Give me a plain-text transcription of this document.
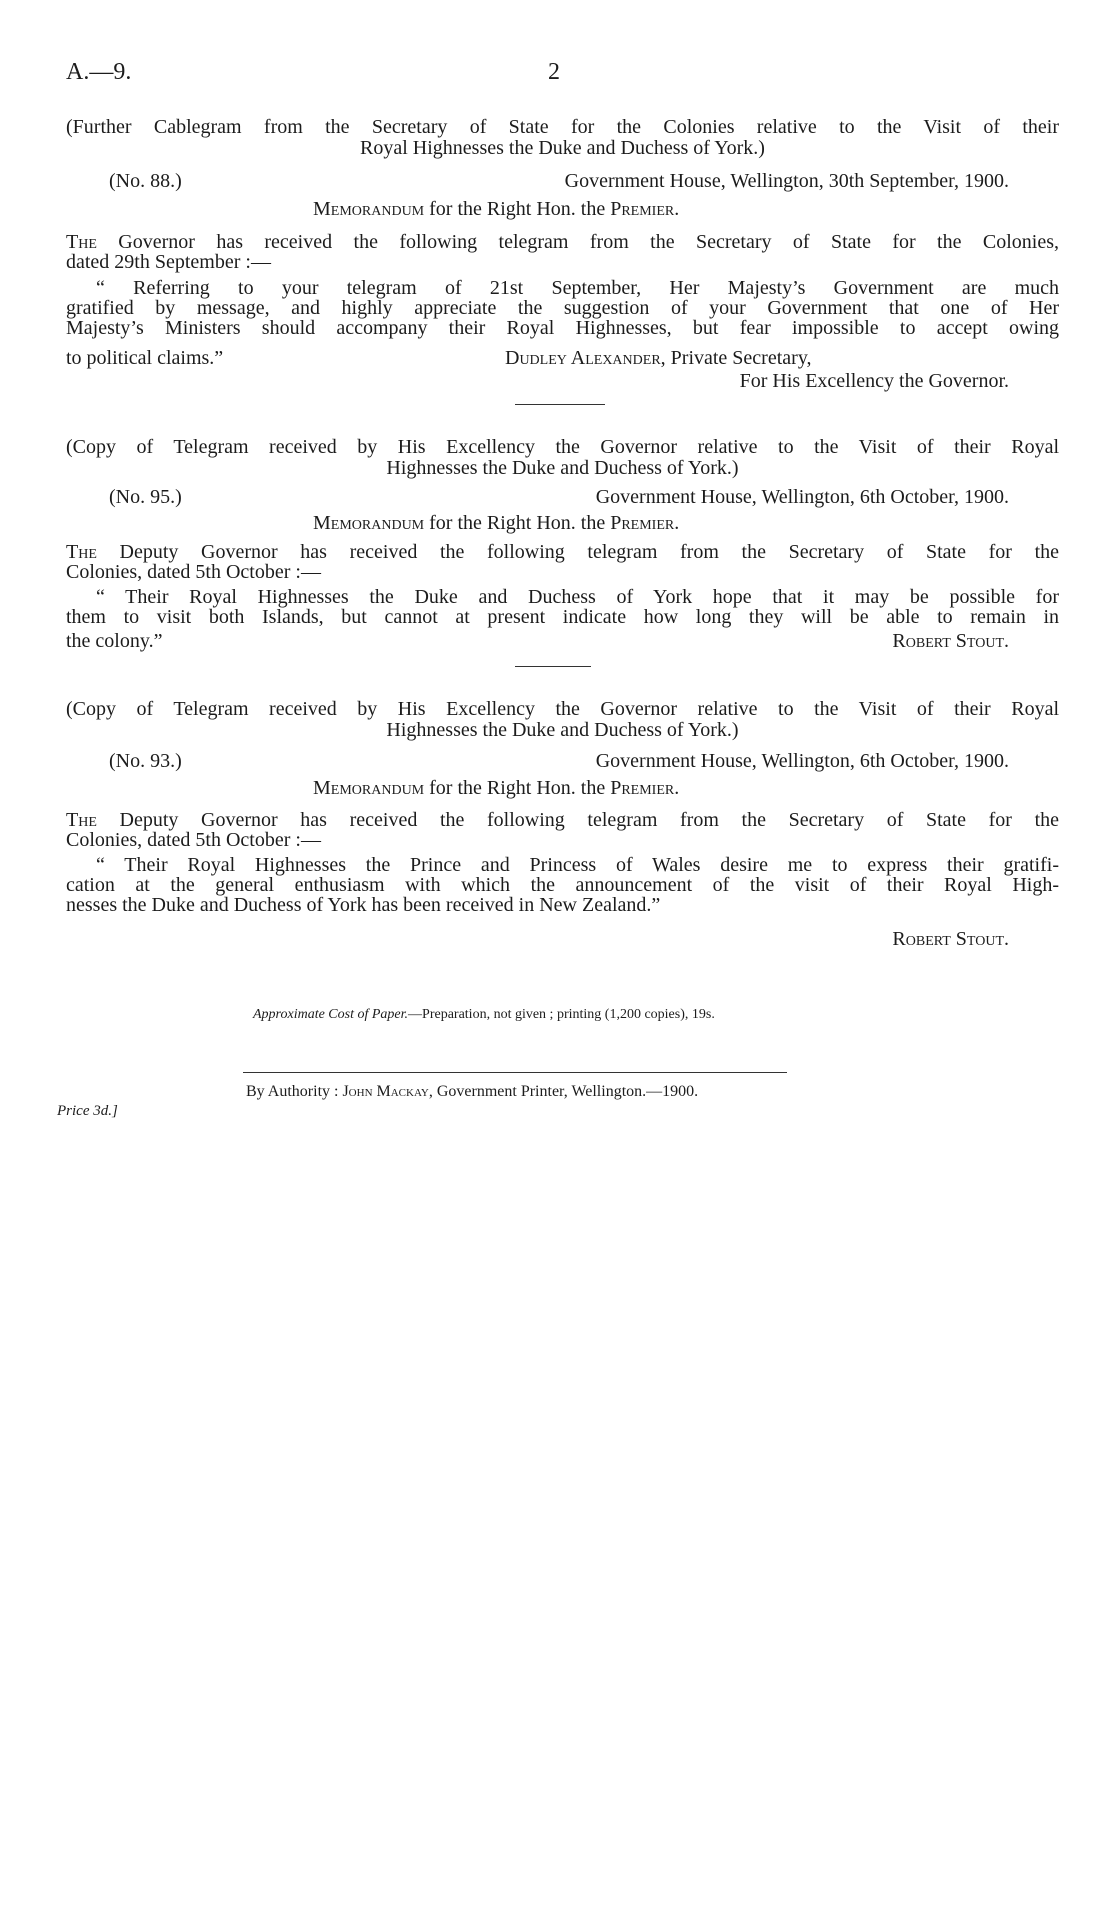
A.—9.	2
(Further Cablegram from the Secretary of State for the Colonies relative to the Visit of their
Royal Highnesses the Duke and Duchess of York.)
(No. 88.)	Government House, Wellington, 30th September, 1900.
Memorandum for the Right Hon. the Premier.
The Governor has received the following telegram from the Secretary of State for the Colonies,
dated 29th September :—
“ Referring to your telegram of 21st September, Her Majesty’s Government are much
gratified by message, and highly appreciate the suggestion of your Government that one of Her
Majesty’s Ministers should accompany their Royal Highnesses, but fear impossible to accept owing
to political claims.”	Dudley Alexander, Private Secretary,
For His Excellency the Governor.
(Copy of Telegram received by His Excellency the Governor relative to the Visit of their Royal
Highnesses the Duke and Duchess of York.)
(No. 95.)	Government House, Wellington, 6th October, 1900.
Memorandum for the Right Hon. the Premier.
The Deputy Governor has received the following telegram from the Secretary of State for the
Colonies, dated 5th October :—
“ Their Royal Highnesses the Duke and Duchess of York hope that it may be possible for
them to visit both Islands, but cannot at present indicate how long they will be able to remain in
the colony.”	Robert Stout.
(Copy of Telegram received by His Excellency the Governor relative to the Visit of their Royal
Highnesses the Duke and Duchess of York.)
(No. 93.)	Government House, Wellington, 6th October, 1900.
Memorandum for the Right Hon. the Premier.
The Deputy Governor has received the following telegram from the Secretary of State for the
Colonies, dated 5th October :—
“ Their Royal Highnesses the Prince and Princess of Wales desire me to express their gratifi-
cation at the general enthusiasm with which the announcement of the visit of their Royal High-
nesses the Duke and Duchess of York has been received in New Zealand.”
Robert Stout.
Approximate Cost of Paper.—Preparation, not given ; printing (1,200 copies), 19s.
By Authority : John Mackay, Government Printer, Wellington.—1900.
Price 3d.]
